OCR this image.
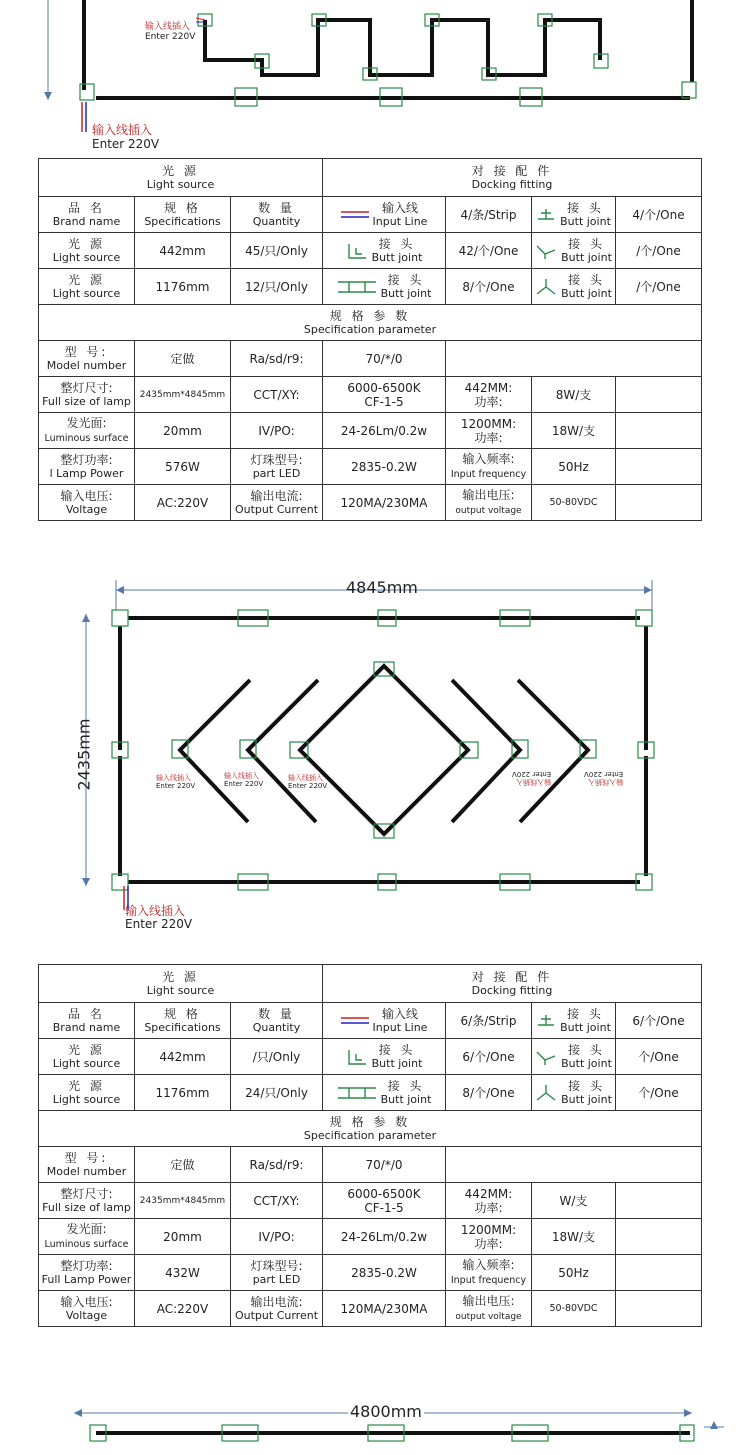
输入线插入
Enter 220V
输入线插入
Enter 220V
光 源
Light source			对 接 配 件
Docking fitting			

品 名
Brand name	规 格
Specifications	数 量
Quantity	输入线
Input Line	4/条/Strip	接 头
Butt joint	4/个/One

光 源
Light source	442mm	45/只/Only	接 头
Butt joint	42/个/One	接 头
Butt joint	/个/One

光 源
Light source	1176mm	12/只/Only	接 头
Butt joint	8/个/One	接 头
Butt joint	/个/One

规 格 参 数
Specification parameter						

型 号:
Model number	定做	Ra/sd/r9:	70/*/0			

整灯尺寸:
Full size of lamp	2435mm*4845mm	CCT/XY:	6000-6500K
CF-1-5	442MM:
功率:	8W/支	

发光面:
Luminous surface	20mm	IV/PO:	24-26Lm/0.2w	1200MM:
功率:	18W/支	

整灯功率:
l Lamp Power	576W	灯珠型号:
part LED	2835-0.2W	输入频率:
Input frequency	50Hz	

输入电压:
Voltage	AC:220V	输出电流:
Output Current	120MA/230MA	输出电压:
output voltage	50-80VDC	
4845mm
2435mm	输入线插入
Enter 220V
输入线插入
Enter 220V
输入线插入
Enter 220V	输入线插入
Enter 220V
输入线插入
Enter 220V
输入线插入
Enter 220V
光 源
Light source			对 接 配 件
Docking fitting			

品 名
Brand name	规 格
Specifications	数 量
Quantity	输入线
Input Line	6/条/Strip	接 头
Butt joint	6/个/One

光 源
Light source	442mm	/只/Only	接 头
Butt joint	6/个/One	接 头
Butt joint	个/One

光 源
Light source	1176mm	24/只/Only	接 头
Butt joint	8/个/One	接 头
Butt joint	个/One

规 格 参 数
Specification parameter						

型 号:
Model number	定做	Ra/sd/r9:	70/*/0			

整灯尺寸:
Full size of lamp	2435mm*4845mm	CCT/XY:	6000-6500K
CF-1-5	442MM:
功率:	W/支	

发光面:
Luminous surface	20mm	IV/PO:	24-26Lm/0.2w	1200MM:
功率:	18W/支	

整灯功率:
Full Lamp Power	432W	灯珠型号:
part LED	2835-0.2W	输入频率:
Input frequency	50Hz	

输入电压:
Voltage	AC:220V	输出电流:
Output Current	120MA/230MA	输出电压:
output voltage	50-80VDC	
4800mm
